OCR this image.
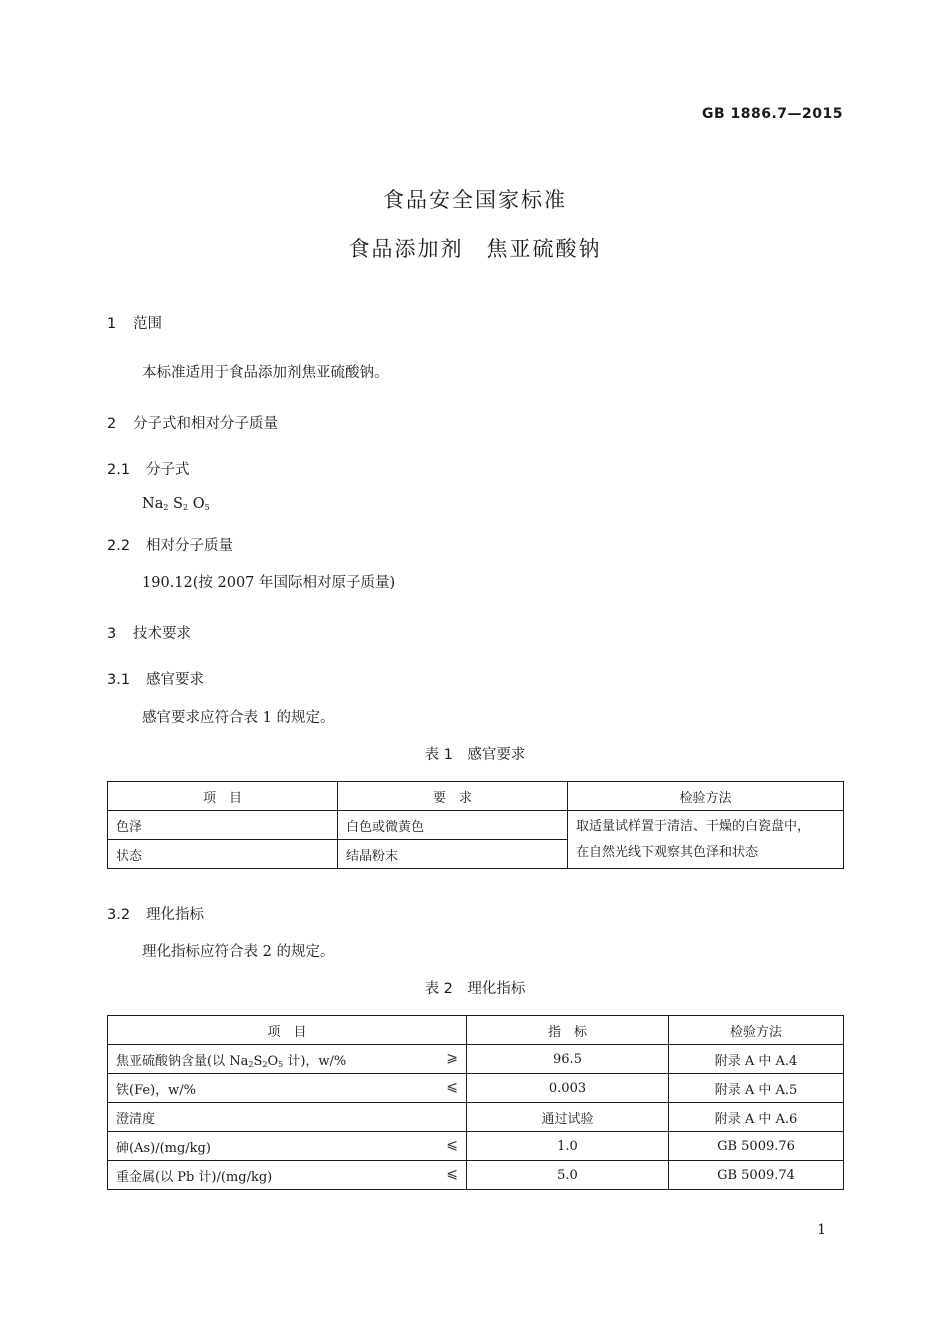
GB 1886.7—2015
食品安全国家标准
食品添加剂　焦亚硫酸钠
1 范围
本标准适用于食品添加剂焦亚硫酸钠。
2 分子式和相对分子质量
2.1 分子式
$Na_2$ $S_2$ $O_5$
2.2 相对分子质量
190.12(按 2007 年国际相对原子质量)
3 技术要求
3.1 感官要求
感官要求应符合表 1 的规定。
表 1　感官要求
项　目	要　求	检验方法
色泽	白色或微黄色	取适量试样置于清洁、干燥的白瓷盘中，
在自然光线下观察其色泽和状态

状态	结晶粉末	
3.2 理化指标
理化指标应符合表 2 的规定。
表 2　理化指标
项　目	指　标	检验方法
焦亚硫酸钠含量(以 $Na_2S_2O_5$ 计)，w/% ⩾	96.5	附录 A 中 A.4
铁(Fe)，w/% ⩽	0.003	附录 A 中 A.5
澄清度	通过试验	附录 A 中 A.6
砷(As)/(mg/kg) ⩽	1.0	GB 5009.76
重金属(以 Pb 计)/(mg/kg) ⩽	5.0	GB 5009.74
1
